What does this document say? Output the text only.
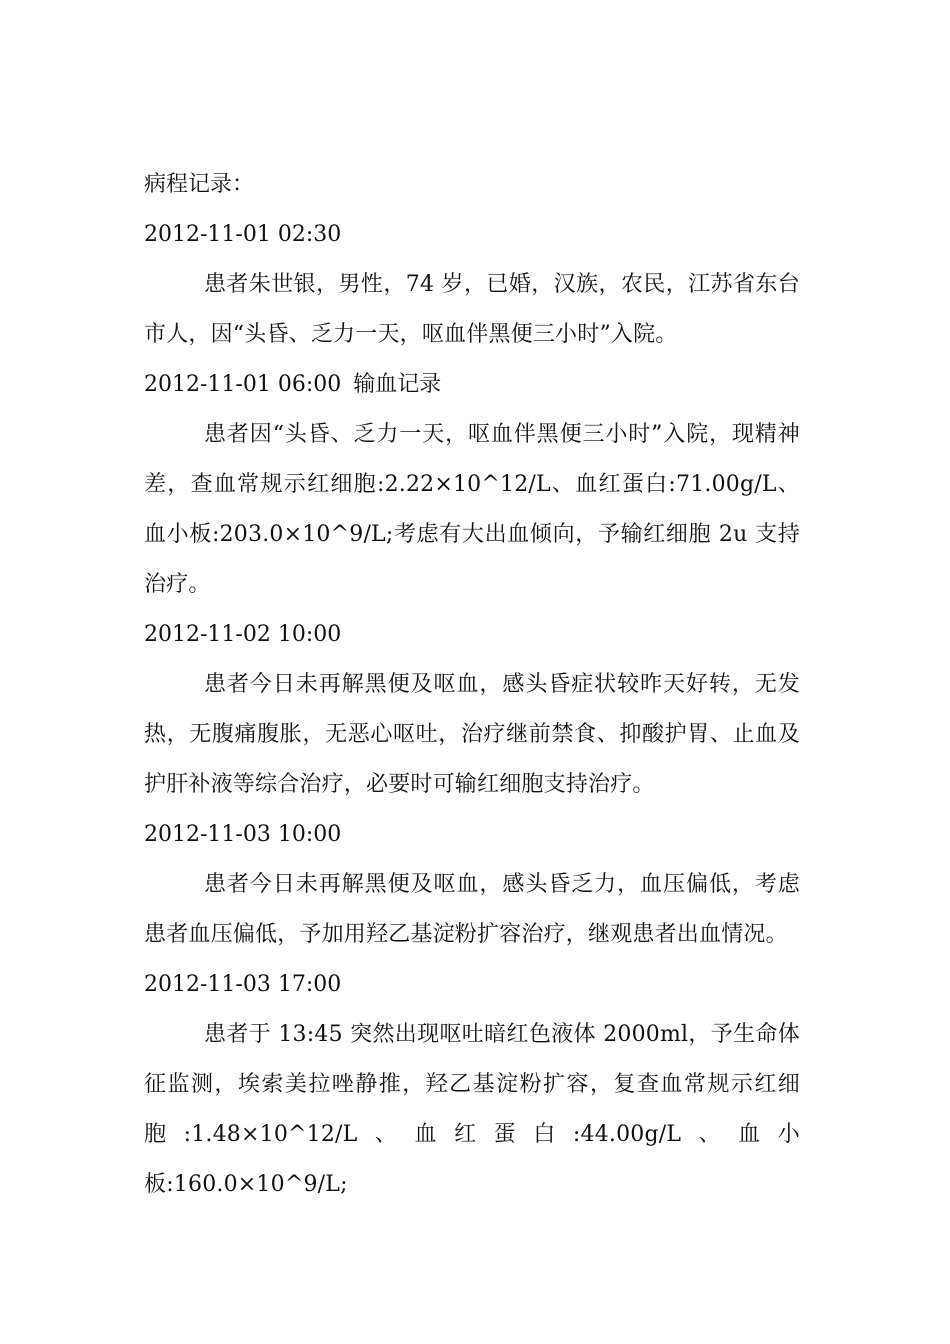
病程记录：

2012-11-01 02:30

患者朱世银，男性，74 岁，已婚，汉族，农民，江苏省东台市人，因“头昏、乏力一天，呕血伴黑便三小时”入院。

2012-11-01 06:00 输血记录

患者因“头昏、乏力一天，呕血伴黑便三小时”入院，现精神差，查血常规示红细胞:2.22×10^12/L、血红蛋白:71.00g/L、血小板:203.0×10^9/L;考虑有大出血倾向，予输红细胞 2u 支持治疗。

2012-11-02 10:00

患者今日未再解黑便及呕血，感头昏症状较昨天好转，无发热，无腹痛腹胀，无恶心呕吐，治疗继前禁食、抑酸护胃、止血及护肝补液等综合治疗，必要时可输红细胞支持治疗。

2012-11-03 10:00

患者今日未再解黑便及呕血，感头昏乏力，血压偏低，考虑患者血压偏低，予加用羟乙基淀粉扩容治疗，继观患者出血情况。

2012-11-03 17:00

患者于 13:45 突然出现呕吐暗红色液体 2000ml，予生命体征监测，埃索美拉唑静推，羟乙基淀粉扩容，复查血常规示红细胞:1.48×10^12/L、血红蛋白:44.00g/L、血小板:160.0×10^9/L;
